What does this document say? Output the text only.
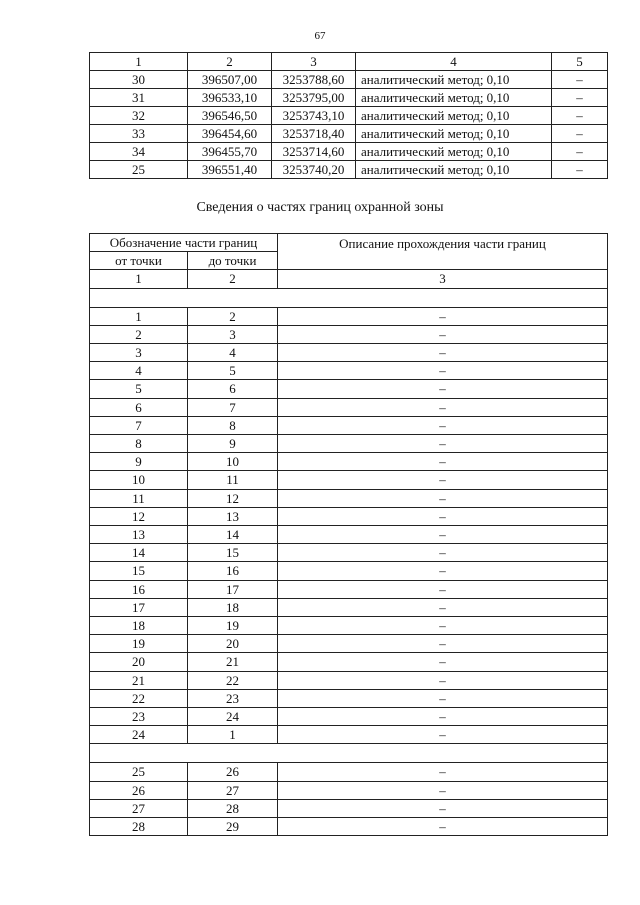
67
1	2	3	4	5
30	396507,00	3253788,60	аналитический метод; 0,10	–
31	396533,10	3253795,00	аналитический метод; 0,10	–
32	396546,50	3253743,10	аналитический метод; 0,10	–
33	396454,60	3253718,40	аналитический метод; 0,10	–
34	396455,70	3253714,60	аналитический метод; 0,10	–
25	396551,40	3253740,20	аналитический метод; 0,10	–
Сведения о частях границ охранной зоны
Обозначение части границ		Описание прохождения части границ
от точки	до точки	
1	2	3

1	2	–
2	3	–
3	4	–
4	5	–
5	6	–
6	7	–
7	8	–
8	9	–
9	10	–
10	11	–
11	12	–
12	13	–
13	14	–
14	15	–
15	16	–
16	17	–
17	18	–
18	19	–
19	20	–
20	21	–
21	22	–
22	23	–
23	24	–
24	1	–

25	26	–
26	27	–
27	28	–
28	29	–
